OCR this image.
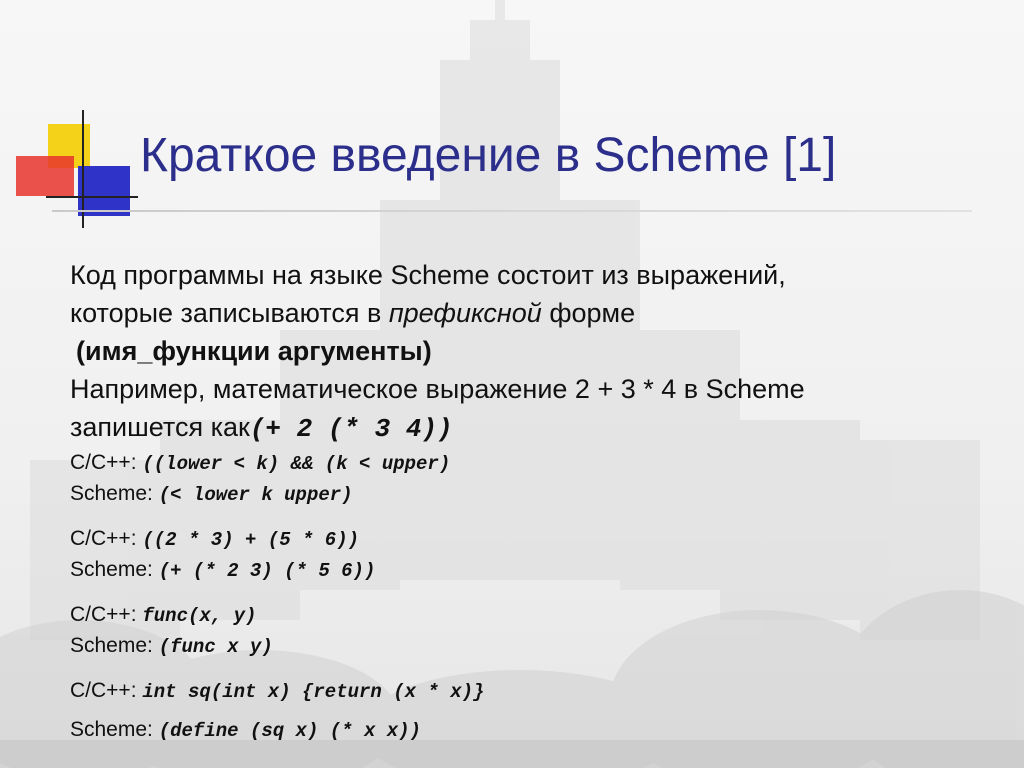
Краткое введение в Scheme [1]

Код программы на языке Scheme состоит из выражений,

которые записываются в префиксной форме

(имя_функции аргументы)

Например, математическое выражение 2 + 3 * 4 в Scheme

запишется как(+ 2 (* 3 4))

C/C++: ((lower < k) && (k < upper)

Scheme: (< lower k upper)

C/C++: ((2 * 3) + (5 * 6))

Scheme: (+ (* 2 3) (* 5 6))

C/C++: func(x, y)

Scheme: (func x y)

C/C++: int sq(int x) {return (x * x)}

Scheme: (define (sq x) (* x x))
